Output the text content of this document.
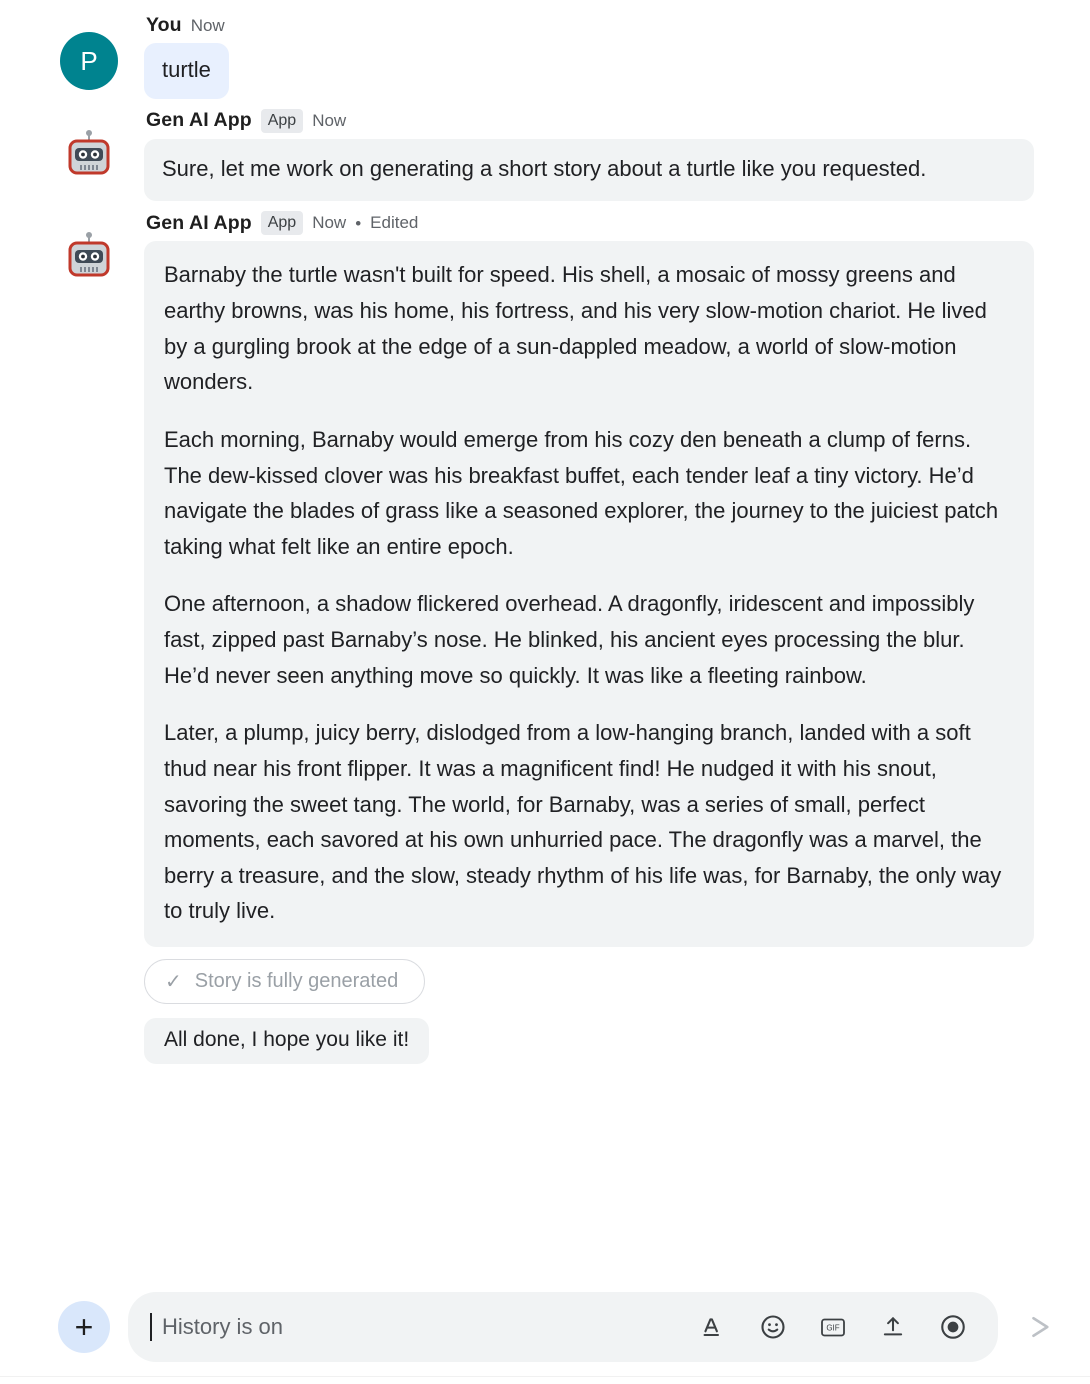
P
You Now
turtle
Gen AI App	App Now
Sure, let me work on generating a short story about a turtle like you requested.
Gen AI App	App Now • Edited

Barnaby the turtle wasn't built for speed. His shell, a mosaic of mossy greens and earthy browns, was his home, his fortress, and his very slow-motion chariot. He lived by a gurgling brook at the edge of a sun-dappled meadow, a world of slow-motion wonders.

Each morning, Barnaby would emerge from his cozy den beneath a clump of ferns. The dew-kissed clover was his breakfast buffet, each tender leaf a tiny victory. He’d navigate the blades of grass like a seasoned explorer, the journey to the juiciest patch taking what felt like an entire epoch.

One afternoon, a shadow flickered overhead. A dragonfly, iridescent and impossibly fast, zipped past Barnaby’s nose. He blinked, his ancient eyes processing the blur. He’d never seen anything move so quickly. It was like a fleeting rainbow.

Later, a plump, juicy berry, dislodged from a low-hanging branch, landed with a soft thud near his front flipper. It was a magnificent find! He nudged it with his snout, savoring the sweet tang. The world, for Barnaby, was a series of small, perfect moments, each savored at his own unhurried pace. The dragonfly was a marvel, the berry a treasure, and the slow, steady rhythm of his life was, for Barnaby, the only way to truly live.

✓ Story is fully generated
All done, I hope you like it!
+	History is on	GIF
